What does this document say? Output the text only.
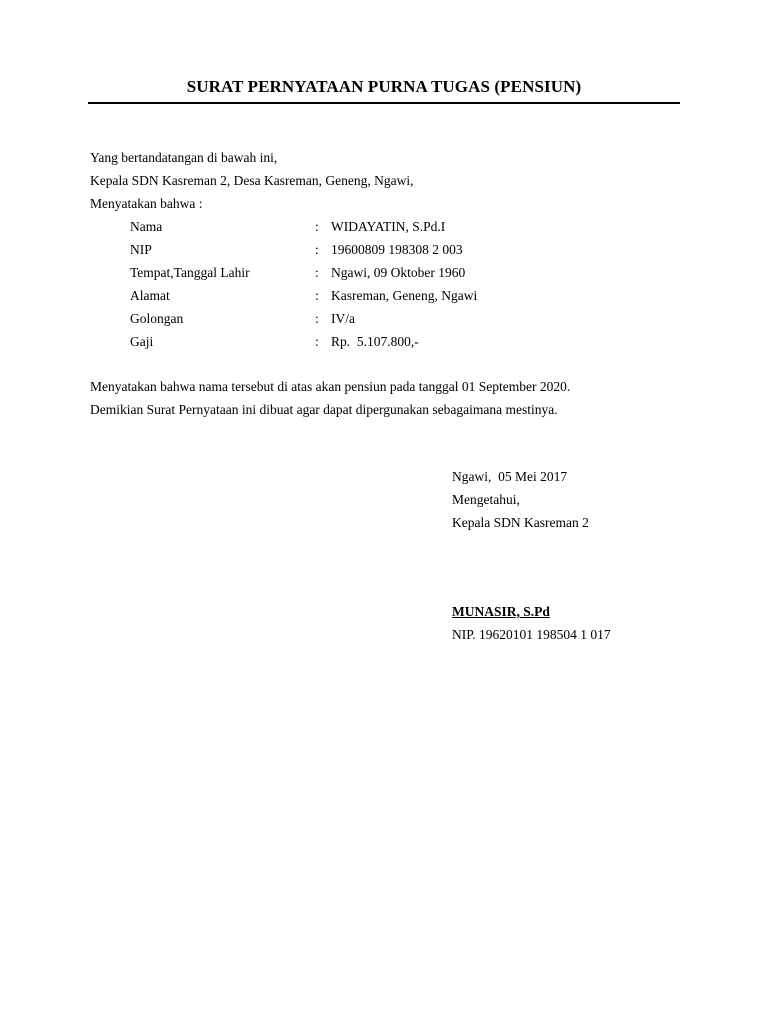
SURAT PERNYATAAN PURNA TUGAS (PENSIUN)
Yang bertandatangan di bawah ini,
Kepala SDN Kasreman 2, Desa Kasreman, Geneng, Ngawi,
Menyatakan bahwa :
Nama	: WIDAYATIN, S.Pd.I
NIP	: 19600809 198308 2 003
Tempat,Tanggal Lahir	: Ngawi, 09 Oktober 1960
Alamat	: Kasreman, Geneng, Ngawi
Golongan	: IV/a
Gaji	: Rp.  5.107.800,-
Menyatakan bahwa nama tersebut di atas akan pensiun pada tanggal 01 September 2020.
Demikian Surat Pernyataan ini dibuat agar dapat dipergunakan sebagaimana mestinya.
Ngawi,  05 Mei 2017
Mengetahui,
Kepala SDN Kasreman 2
MUNASIR, S.Pd
NIP. 19620101 198504 1 017
